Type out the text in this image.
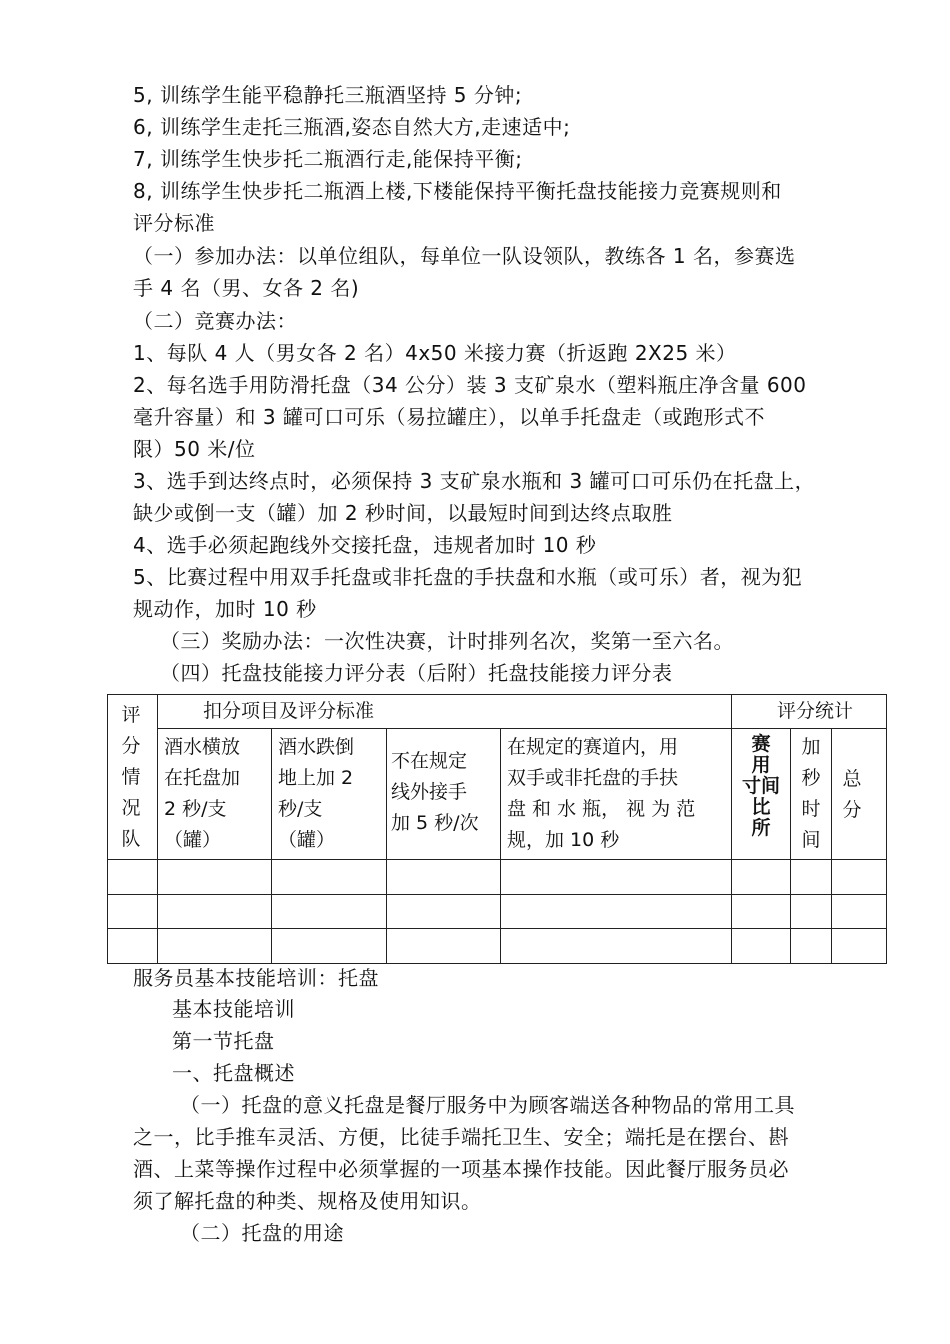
5, 训练学生能平稳静托三瓶酒坚持 5 分钟;
6, 训练学生走托三瓶酒,姿态自然大方,走速适中;
7, 训练学生快步托二瓶酒行走,能保持平衡;
8, 训练学生快步托二瓶酒上楼,下楼能保持平衡托盘技能接力竞赛规则和
评分标准
（一）参加办法：以单位组队，每单位一队设领队，教练各 1 名，参赛选
手 4 名（男、女各 2 名)
（二）竞赛办法：
1、每队 4 人（男女各 2 名）4x50 米接力赛（折返跑 2X25 米）
2、每名选手用防滑托盘（34 公分）装 3 支矿泉水（塑料瓶庄净含量 600
毫升容量）和 3 罐可口可乐（易拉罐庄），以单手托盘走（或跑形式不
限）50 米/位
3、选手到达终点时，必须保持 3 支矿泉水瓶和 3 罐可口可乐仍在托盘上，
缺少或倒一支（罐）加 2 秒时间，以最短时间到达终点取胜
4、选手必须起跑线外交接托盘，违规者加时 10 秒
5、比赛过程中用双手托盘或非托盘的手扶盘和水瓶（或可乐）者，视为犯
规动作，加时 10 秒
（三）奖励办法：一次性决赛，计时排列名次，奖第一至六名。
（四）托盘技能接力评分表（后附）托盘技能接力评分表
评
分
情
况
队
扣分项目及评分标准	评分统计
酒水横放
在托盘加
2 秒/支
（罐）
酒水跌倒
地上加 2
秒/支
（罐）
不在规定
线外接手
加 5 秒/次
在规定的赛道内，用
双手或非托盘的手扶
盘 和 水 瓶， 视 为 范
规，加 10 秒
赛
用
寸间
比
所
加
秒
时
间
总
分
服务员基本技能培训：托盘
基本技能培训
第一节托盘
一、托盘概述
（一）托盘的意义托盘是餐厅服务中为顾客端送各种物品的常用工具
之一，比手推车灵活、方便，比徒手端托卫生、安全；端托是在摆台、斟
酒、上菜等操作过程中必须掌握的一项基本操作技能。因此餐厅服务员必
须了解托盘的种类、规格及使用知识。
（二）托盘的用途
